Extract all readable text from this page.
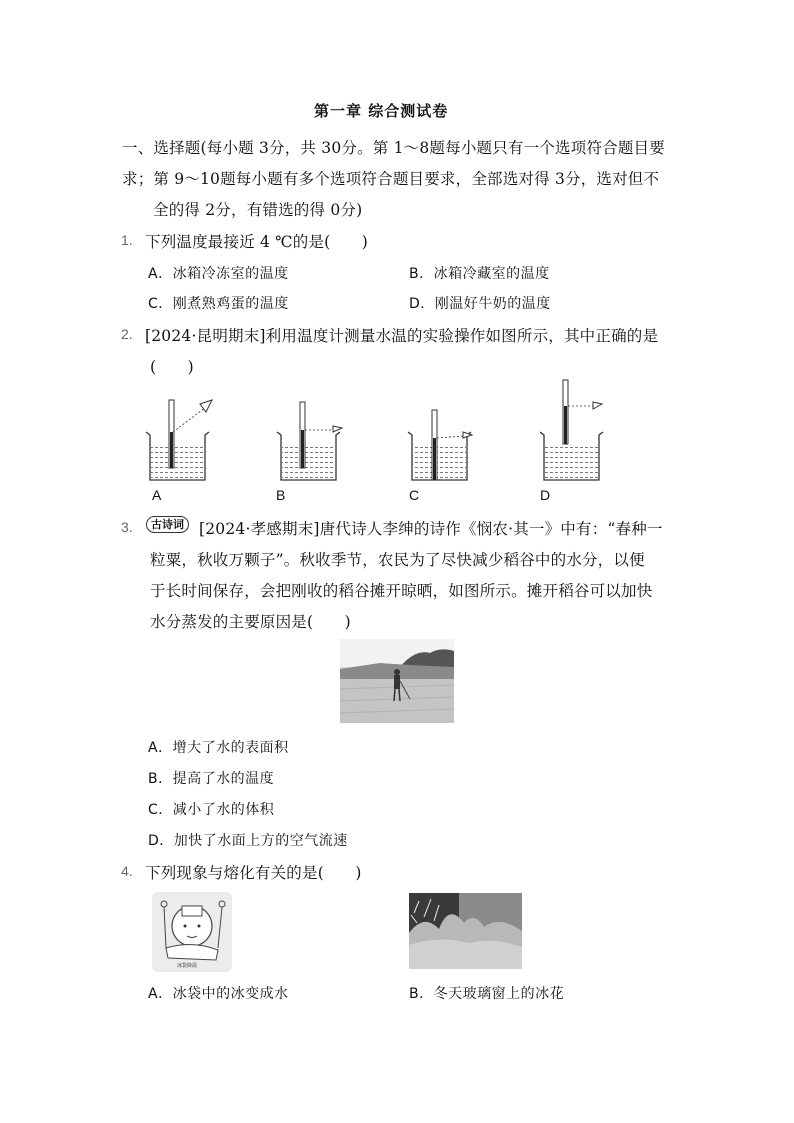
第一章 综合测试卷
一、选择题(每小题 3分，共 30分。第 1～8题每小题只有一个选项符合题目要
求；第 9～10题每小题有多个选项符合题目要求，全部选对得 3分，选对但不
全的得 2分，有错选的得 0分)
1. 下列温度最接近 4 ℃的是(　　)
A．冰箱冷冻室的温度	B．冰箱冷藏室的温度
C．刚煮熟鸡蛋的温度	D．刚温好牛奶的温度
2. [2024·昆明期末]利用温度计测量水温的实验操作如图所示，其中正确的是
(　　)
A	B	C	D
3.	古诗词 [2024·孝感期末]唐代诗人李绅的诗作《悯农·其一》中有：“春种一
粒粟，秋收万颗子”。秋收季节，农民为了尽快减少稻谷中的水分，以便
于长时间保存，会把刚收的稻谷摊开晾晒，如图所示。摊开稻谷可以加快
水分蒸发的主要原因是(　　)
A．增大了水的表面积
B．提高了水的温度
C．减小了水的体积
D．加快了水面上方的空气流速
4. 下列现象与熔化有关的是(　　)
冰袋降温
A．冰袋中的冰变成水	B．冬天玻璃窗上的冰花
